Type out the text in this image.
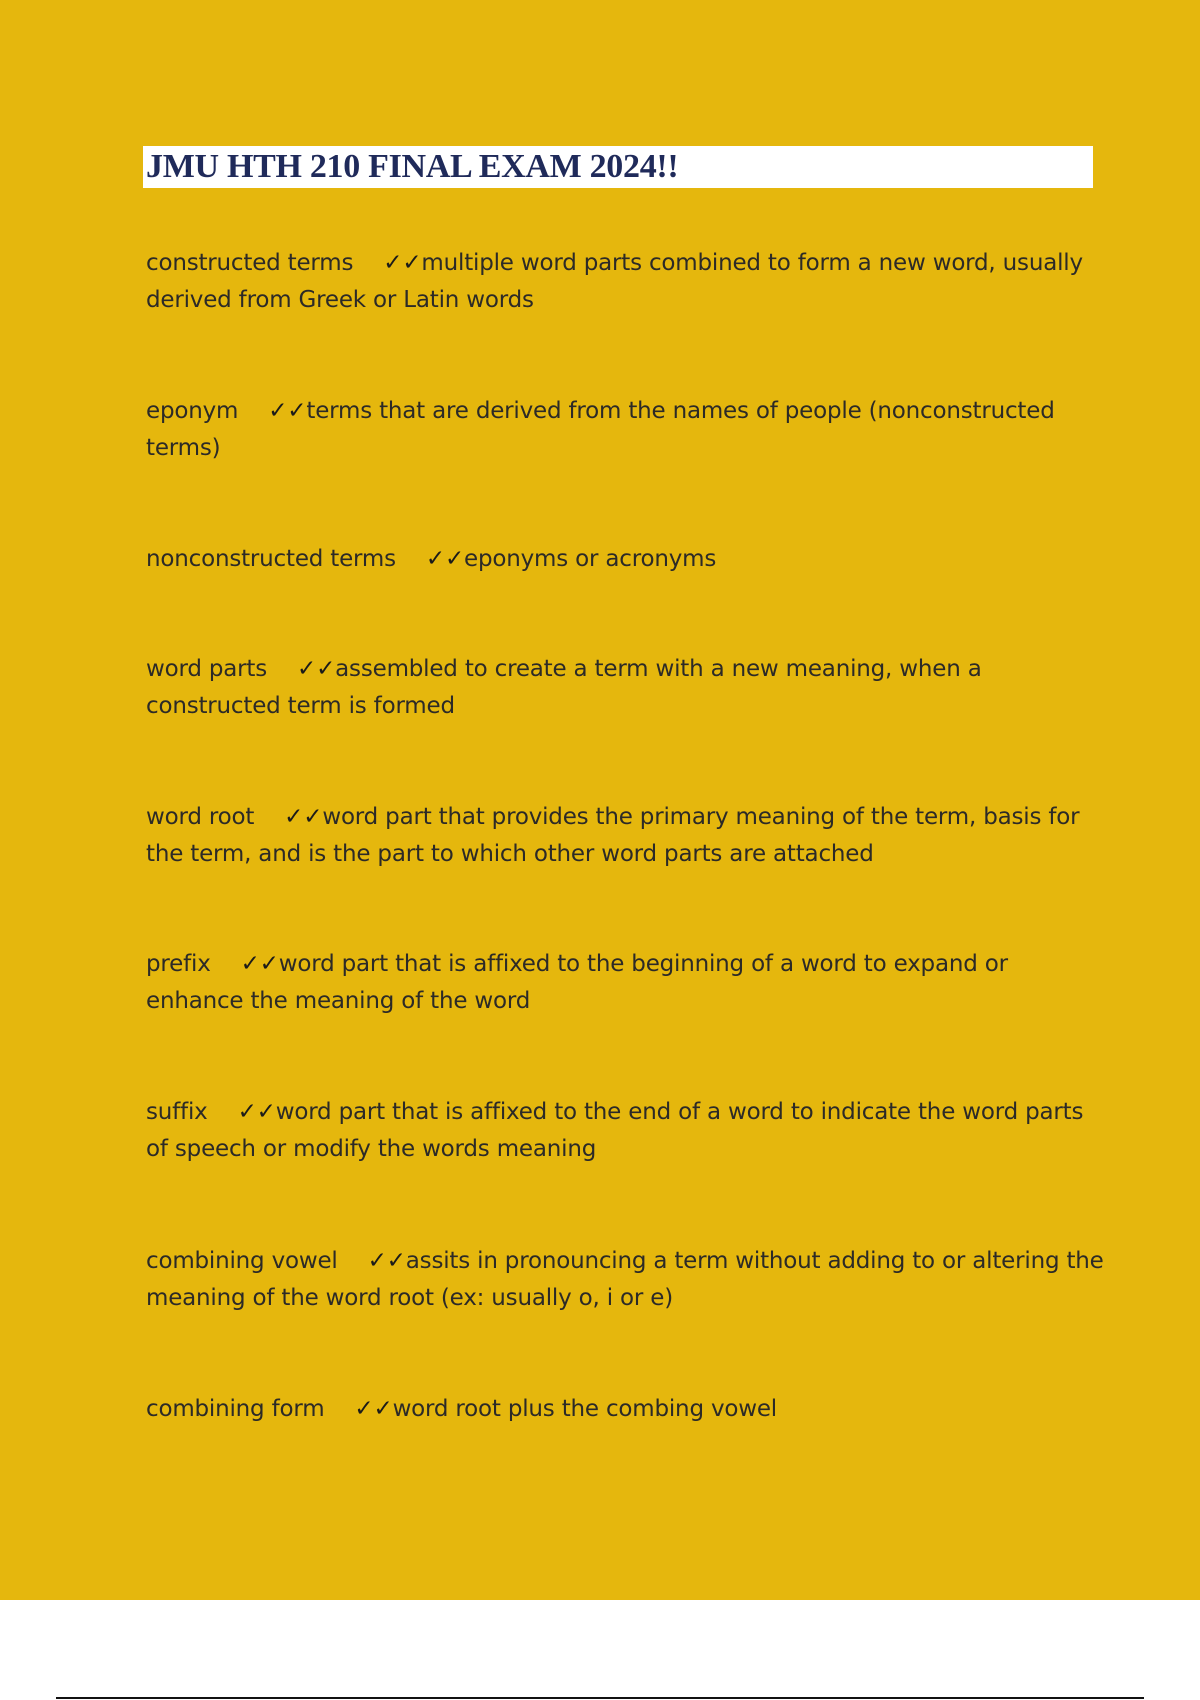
JMU HTH 210 FINAL EXAM 2024!!
constructed terms ✓✓multiple word parts combined to form a new word, usually derived from Greek or Latin words
eponym ✓✓terms that are derived from the names of people (nonconstructed terms)
nonconstructed terms ✓✓eponyms or acronyms
word parts ✓✓assembled to create a term with a new meaning, when a constructed term is formed
word root ✓✓word part that provides the primary meaning of the term, basis for the term, and is the part to which other word parts are attached
prefix ✓✓word part that is affixed to the beginning of a word to expand or enhance the meaning of the word
suffix ✓✓word part that is affixed to the end of a word to indicate the word parts of speech or modify the words meaning
combining vowel ✓✓assits in pronouncing a term without adding to or altering the meaning of the word root (ex: usually o, i or e)
combining form ✓✓word root plus the combing vowel
